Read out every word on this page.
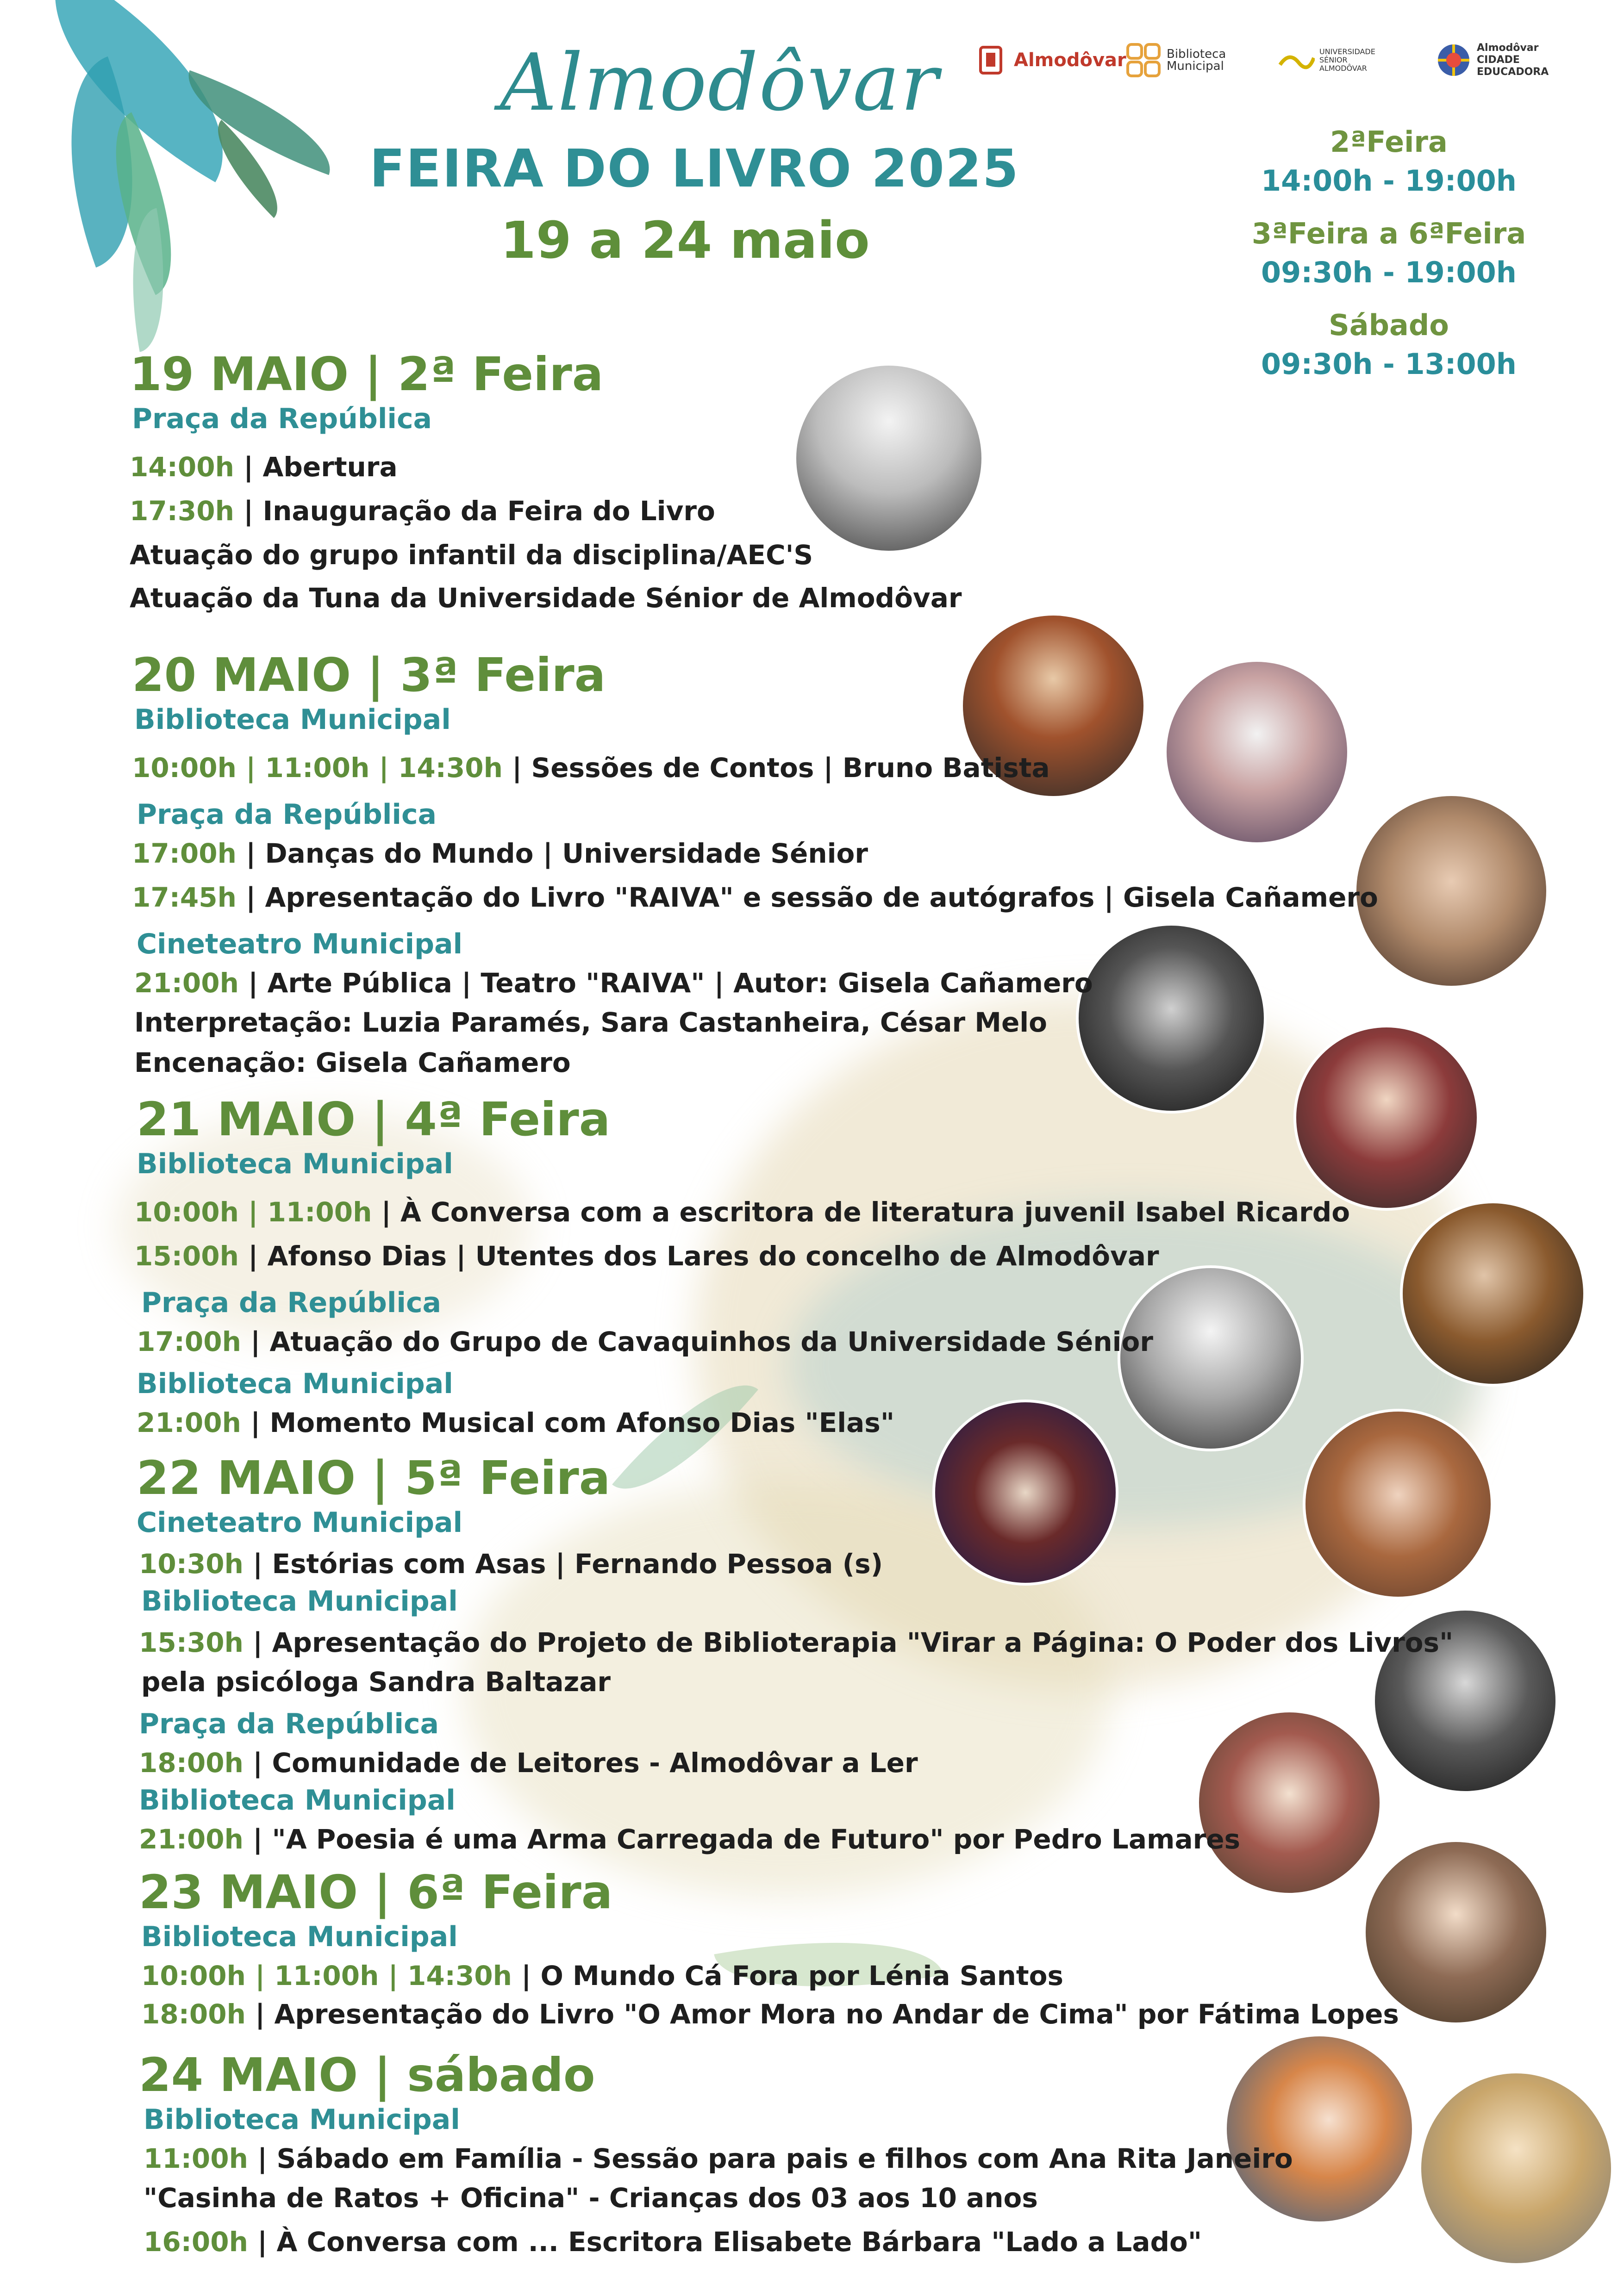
Almodôvar	Biblioteca Municipal
UNIVERSIDADE SÉNIOR ALMODÔVAR
Almodôvar CIDADE EDUCADORA
Almodôvar
FEIRA DO LIVRO 2025
19 a 24 maio
2ªFeira
14:00h - 19:00h
3ªFeira a 6ªFeira
09:30h - 19:00h
Sábado
09:30h - 13:00h
19 MAIO | 2ª Feira
Praça da República
14:00h | Abertura
17:30h | Inauguração da Feira do Livro
Atuação do grupo infantil da disciplina/AEC'S
Atuação da Tuna da Universidade Sénior de Almodôvar
20 MAIO | 3ª Feira
Biblioteca Municipal
10:00h | 11:00h | 14:30h | Sessões de Contos | Bruno Batista
Praça da República
17:00h | Danças do Mundo | Universidade Sénior
17:45h | Apresentação do Livro "RAIVA" e sessão de autógrafos | Gisela Cañamero
Cineteatro Municipal
21:00h | Arte Pública | Teatro "RAIVA" | Autor: Gisela Cañamero
Interpretação: Luzia Paramés, Sara Castanheira, César Melo
Encenação: Gisela Cañamero
21 MAIO | 4ª Feira
Biblioteca Municipal
10:00h | 11:00h | À Conversa com a escritora de literatura juvenil Isabel Ricardo
15:00h | Afonso Dias | Utentes dos Lares do concelho de Almodôvar
Praça da República
17:00h | Atuação do Grupo de Cavaquinhos da Universidade Sénior
Biblioteca Municipal
21:00h | Momento Musical com Afonso Dias "Elas"
22 MAIO | 5ª Feira
Cineteatro Municipal
10:30h | Estórias com Asas | Fernando Pessoa (s)
Biblioteca Municipal
15:30h | Apresentação do Projeto de Biblioterapia "Virar a Página: O Poder dos Livros"
pela psicóloga Sandra Baltazar
Praça da República
18:00h | Comunidade de Leitores - Almodôvar a Ler
Biblioteca Municipal
21:00h | "A Poesia é uma Arma Carregada de Futuro" por Pedro Lamares
23 MAIO | 6ª Feira
Biblioteca Municipal
10:00h | 11:00h | 14:30h | O Mundo Cá Fora por Lénia Santos
18:00h | Apresentação do Livro "O Amor Mora no Andar de Cima" por Fátima Lopes
24 MAIO | sábado
Biblioteca Municipal
11:00h | Sábado em Família - Sessão para pais e filhos com Ana Rita Janeiro
"Casinha de Ratos + Oficina" - Crianças dos 03 aos 10 anos
16:00h | À Conversa com ... Escritora Elisabete Bárbara "Lado a Lado"
